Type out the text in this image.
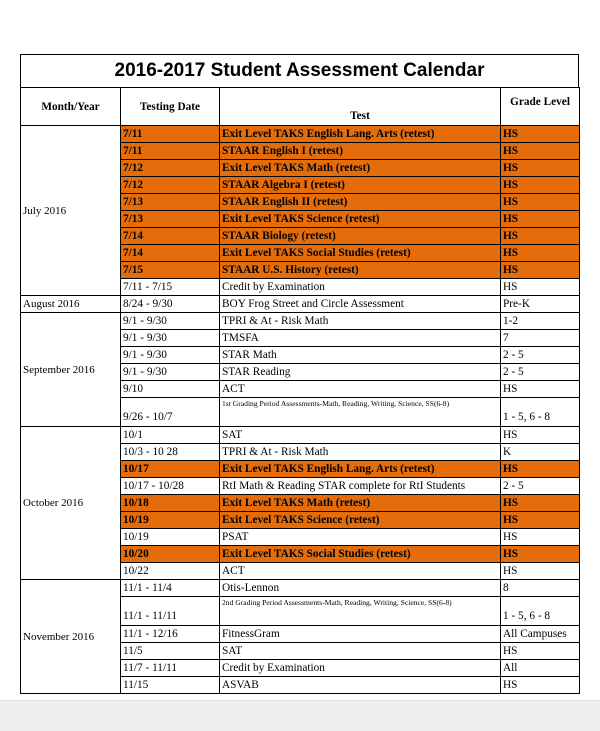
2016-2017 Student Assessment Calendar
Month/Year	Testing Date	Test	Grade Level
July 2016	7/11	Exit Level TAKS English Lang. Arts (retest)	HS
	7/11	STAAR English I (retest)	HS
	7/12	Exit Level TAKS Math (retest)	HS
	7/12	STAAR Algebra I (retest)	HS
	7/13	STAAR English II (retest)	HS
	7/13	Exit Level TAKS Science (retest)	HS
	7/14	STAAR Biology (retest)	HS
	7/14	Exit Level TAKS Social Studies (retest)	HS
	7/15	STAAR U.S. History (retest)	HS
	7/11 - 7/15	Credit by Examination	HS
August 2016	8/24 - 9/30	BOY Frog Street and Circle Assessment	Pre-K
September 2016	9/1 - 9/30	TPRI & At - Risk Math	1-2
	9/1 - 9/30	TMSFA	7
	9/1 - 9/30	STAR Math	2 - 5
	9/1 - 9/30	STAR Reading	2 - 5
	9/10	ACT	HS
	9/26 - 10/7	1st Grading Period Assessments-Math, Reading, Writing, Science, SS(6-8)	1 - 5, 6 - 8
October 2016	10/1	SAT	HS
	10/3 - 10 28	TPRI & At - Risk Math	K
	10/17	Exit Level TAKS English Lang. Arts (retest)	HS
	10/17 - 10/28	RtI Math & Reading STAR complete for RtI Students	2 - 5
	10/18	Exit Level TAKS Math (retest)	HS
	10/19	Exit Level TAKS Science (retest)	HS
	10/19	PSAT	HS
	10/20	Exit Level TAKS Social Studies (retest)	HS
	10/22	ACT	HS
November 2016	11/1 - 11/4	Otis-Lennon	8
	11/1 - 11/11	2nd Grading Period Assessments-Math, Reading, Writing, Science, SS(6-8)	1 - 5, 6 - 8
	11/1 - 12/16	FitnessGram	All Campuses
	11/5	SAT	HS
	11/7 - 11/11	Credit by Examination	All
	11/15	ASVAB	HS
